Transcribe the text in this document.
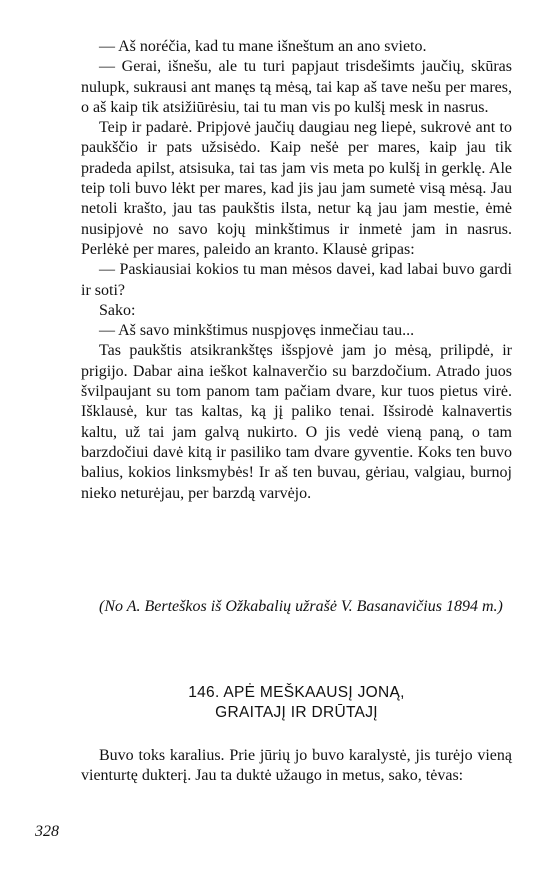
— Aš noréčia, kad tu mane išneštum an ano svieto.

— Gerai, išnešu, ale tu turi papjaut trisdešimts jaučių, skūras nulupk, sukrausi ant manęs tą mėsą, tai kap aš tave nešu per mares, o aš kaip tik atsižiūrėsiu, tai tu man vis po kulšį mesk in nasrus.

Teip ir padarė. Pripjovė jaučių daugiau neg liepė, sukrovė ant to paukščio ir pats užsisėdo. Kaip nešė per mares, kaip jau tik pradeda apilst, atsisuka, tai tas jam vis meta po kulšį in gerklę. Ale teip toli buvo lėkt per mares, kad jis jau jam sumetė visą mėsą. Jau netoli krašto, jau tas paukštis ilsta, netur ką jau jam mestie, ėmė nusipjovė no savo kojų minkštimus ir inmetė jam in nasrus. Perlėkė per mares, paleido an kranto. Klausė gripas:

— Paskiausiai kokios tu man mėsos davei, kad labai buvo gardi ir soti?

Sako:

— Aš savo minkštimus nuspjovęs inmečiau tau...

Tas paukštis atsikrankštęs išspjovė jam jo mėsą, prilipdė, ir prigijo. Dabar aina ieškot kalnaverčio su barzdočium. Atrado juos švilpaujant su tom panom tam pačiam dvare, kur tuos pietus virė. Išklausė, kur tas kaltas, ką jį paliko tenai. Išsirodė kalnavertis kaltu, už tai jam galvą nukirto. O jis vedė vieną paną, o tam barzdočiui davė kitą ir pasiliko tam dvare gyventie. Koks ten buvo balius, kokios linksmybės! Ir aš ten buvau, gėriau, valgiau, burnoj nieko neturėjau, per barzdą varvėjo.

(No A. Berteškos iš Ožkabalių užrašė V. Basanavičius 1894 m.)

146. APĖ MEŠKAAUSĮ JONĄ,
GRAITAJĮ IR DRŪTAJĮ

Buvo toks karalius. Prie jūrių jo buvo karalystė, jis turėjo vieną vienturtę dukterį. Jau ta duktė užaugo in metus, sako, tėvas:

328
